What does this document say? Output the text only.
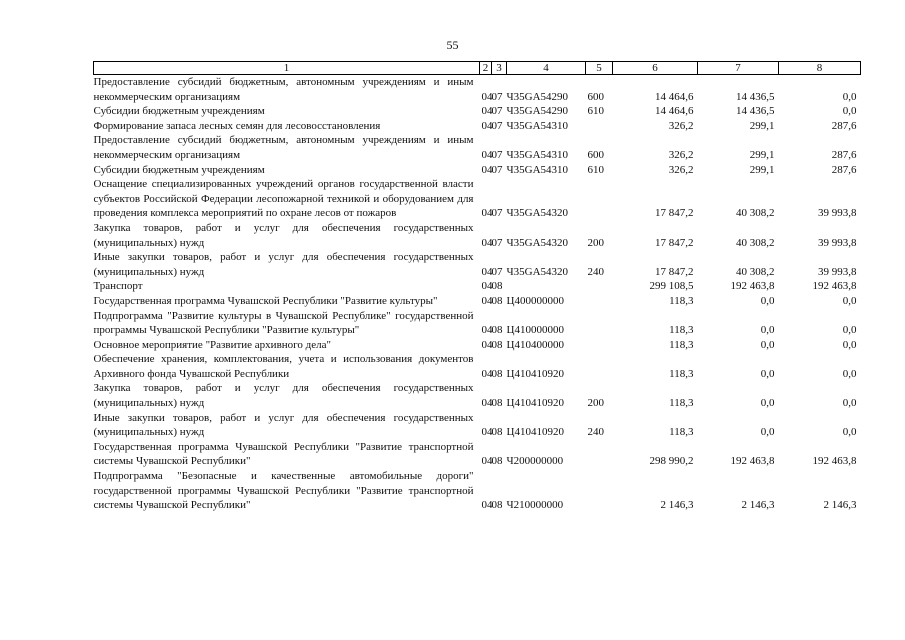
55
1	2	3	4	5	6	7	8
Предоставление субсидий бюджетным, автономным учреждениям и иным некоммерческим организациям	04	07	Ч35GA54290	600	14 464,6	14 436,5	0,0
Субсидии бюджетным учреждениям	04	07	Ч35GA54290	610	14 464,6	14 436,5	0,0
Формирование запаса лесных семян для лесовосстановления	04	07	Ч35GA54310		326,2	299,1	287,6
Предоставление субсидий бюджетным, автономным учреждениям и иным некоммерческим организациям	04	07	Ч35GA54310	600	326,2	299,1	287,6
Субсидии бюджетным учреждениям	04	07	Ч35GA54310	610	326,2	299,1	287,6
Оснащение специализированных учреждений органов государственной власти субъектов Российской Федерации лесопожарной техникой и оборудованием для проведения комплекса мероприятий по охране лесов от пожаров	04	07	Ч35GA54320		17 847,2	40 308,2	39 993,8
Закупка товаров, работ и услуг для обеспечения государственных (муниципальных) нужд	04	07	Ч35GA54320	200	17 847,2	40 308,2	39 993,8
Иные закупки товаров, работ и услуг для обеспечения государственных (муниципальных) нужд	04	07	Ч35GA54320	240	17 847,2	40 308,2	39 993,8
Транспорт	04	08			299 108,5	192 463,8	192 463,8
Государственная программа Чувашской Республики "Развитие культуры"	04	08	Ц400000000		118,3	0,0	0,0
Подпрограмма "Развитие культуры в Чувашской Республике" государственной программы Чувашской Республики "Развитие культуры"	04	08	Ц410000000		118,3	0,0	0,0
Основное мероприятие "Развитие архивного дела"	04	08	Ц410400000		118,3	0,0	0,0
Обеспечение хранения, комплектования, учета и использования документов Архивного фонда Чувашской Республики	04	08	Ц410410920		118,3	0,0	0,0
Закупка товаров, работ и услуг для обеспечения государственных (муниципальных) нужд	04	08	Ц410410920	200	118,3	0,0	0,0
Иные закупки товаров, работ и услуг для обеспечения государственных (муниципальных) нужд	04	08	Ц410410920	240	118,3	0,0	0,0
Государственная программа Чувашской Республики "Развитие транспортной системы Чувашской Республики"	04	08	Ч200000000		298 990,2	192 463,8	192 463,8
Подпрограмма "Безопасные и качественные автомобильные дороги" государственной программы Чувашской Республики "Развитие транспортной системы Чувашской Республики"	04	08	Ч210000000		2 146,3	2 146,3	2 146,3
